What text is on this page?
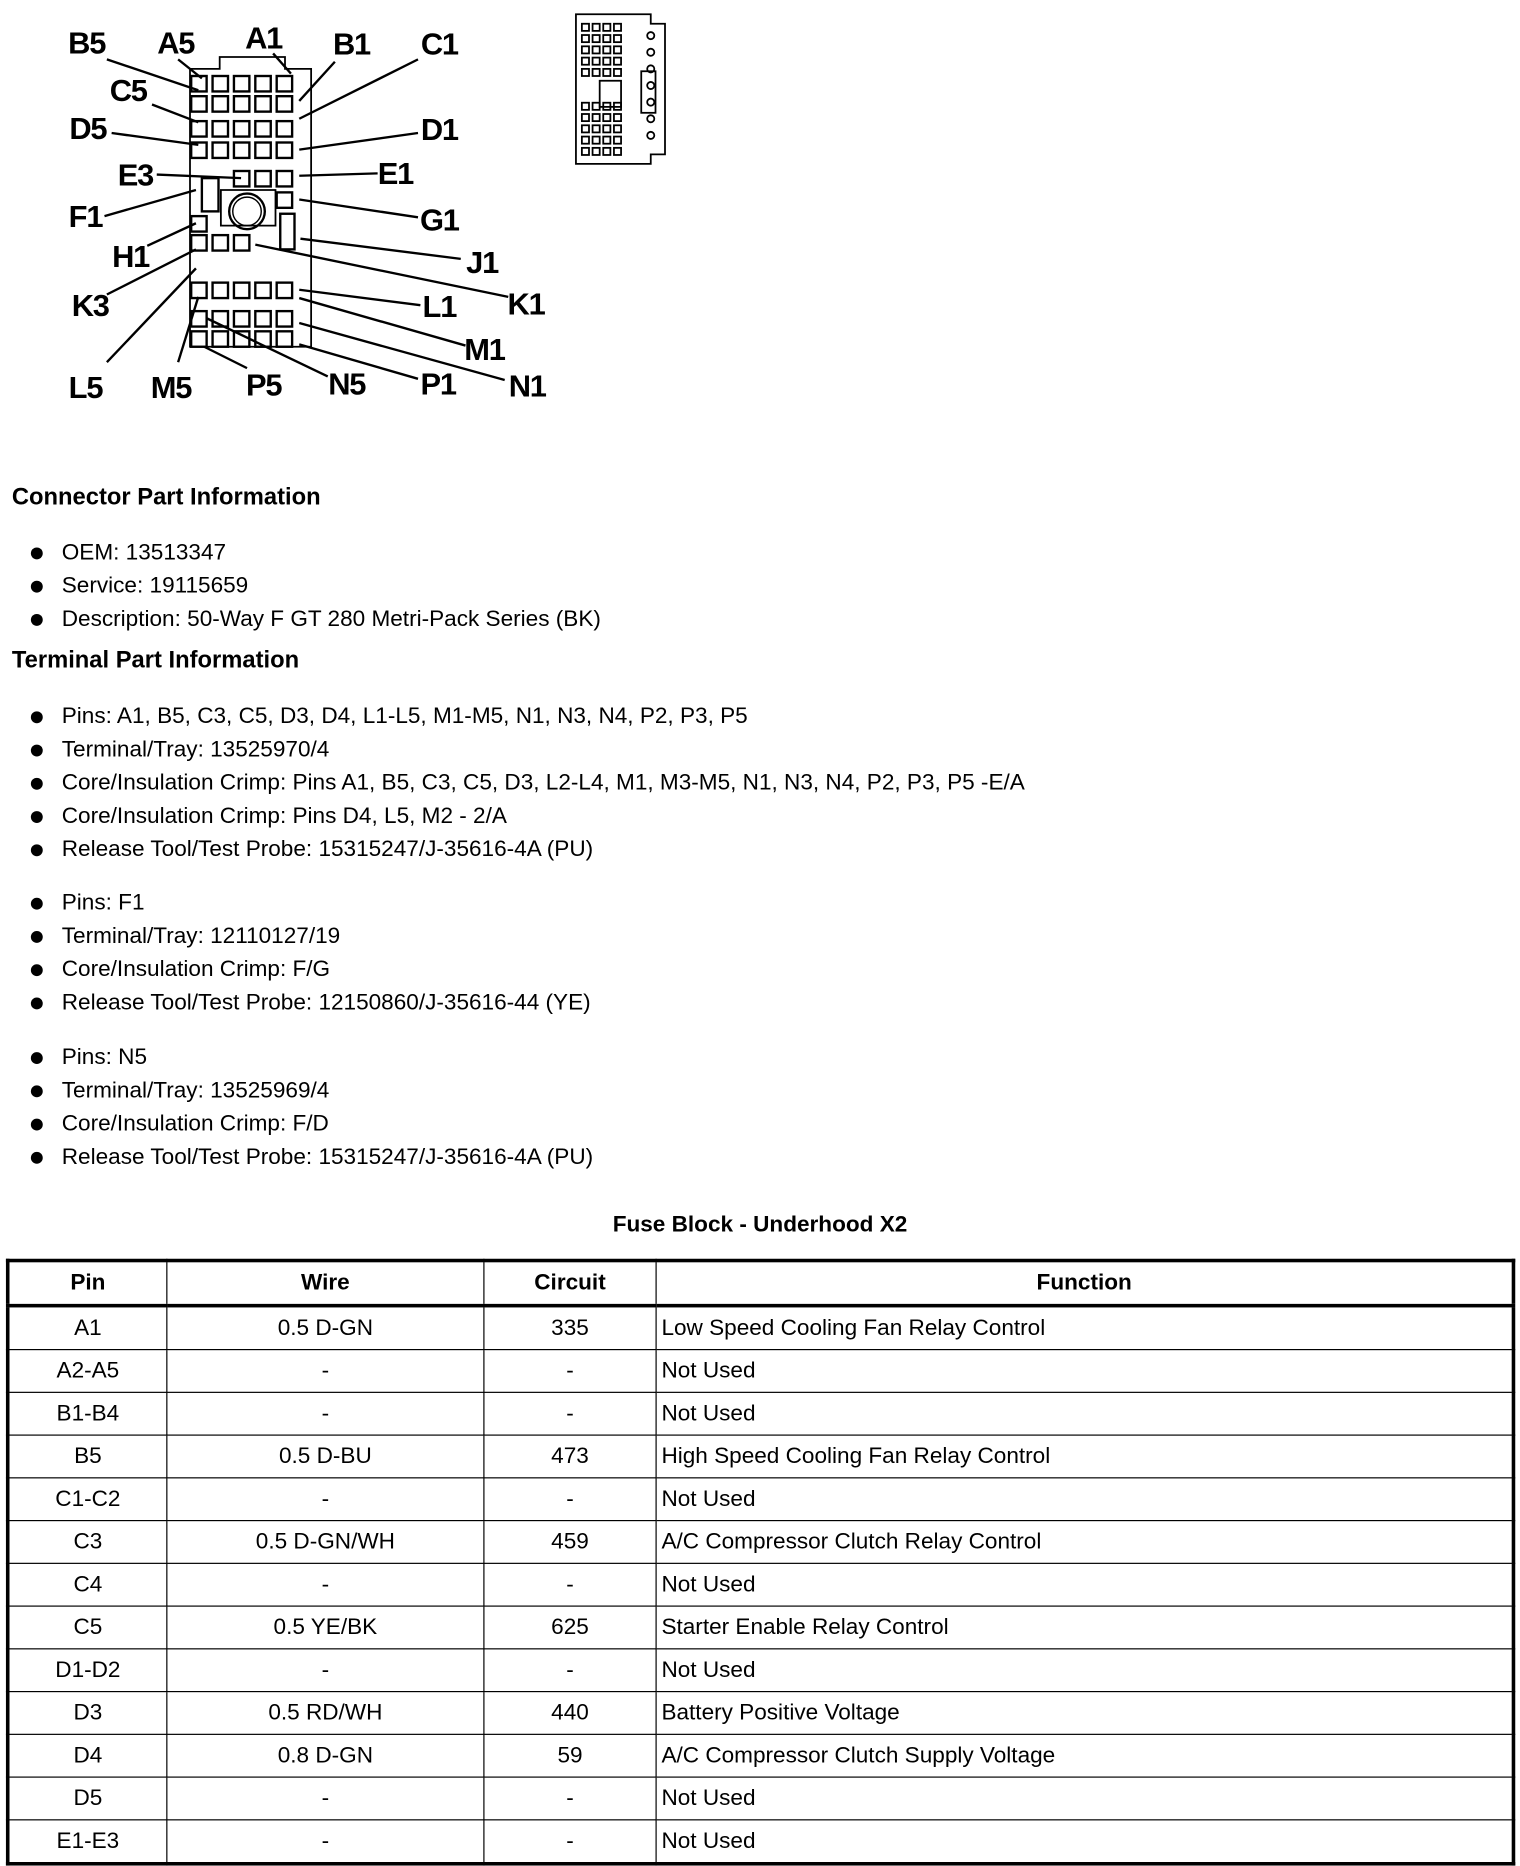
B5 A5 A1 B1 C1
C5
D5	D1
E3	E1
F1	G1
H1	J1
K3	K1
L1
M1
L5 M5 P5 N5 P1 N1
Connector Part Information
OEM: 13513347
Service: 19115659
Description: 50-Way F GT 280 Metri-Pack Series (BK)
Terminal Part Information
Pins: A1, B5, C3, C5, D3, D4, L1-L5, M1-M5, N1, N3, N4, P2, P3, P5
Terminal/Tray: 13525970/4
Core/Insulation Crimp: Pins A1, B5, C3, C5, D3, L2-L4, M1, M3-M5, N1, N3, N4, P2, P3, P5 -E/A
Core/Insulation Crimp: Pins D4, L5, M2 - 2/A
Release Tool/Test Probe: 15315247/J-35616-4A (PU)
Pins: F1
Terminal/Tray: 12110127/19
Core/Insulation Crimp: F/G
Release Tool/Test Probe: 12150860/J-35616-44 (YE)
Pins: N5
Terminal/Tray: 13525969/4
Core/Insulation Crimp: F/D
Release Tool/Test Probe: 15315247/J-35616-4A (PU)
Fuse Block - Underhood X2
Pin	Wire	Circuit	Function
A1	0.5 D-GN	335	Low Speed Cooling Fan Relay Control
A2-A5	-	-	Not Used
B1-B4	-	-	Not Used
B5	0.5 D-BU	473	High Speed Cooling Fan Relay Control
C1-C2	-	-	Not Used
C3	0.5 D-GN/WH	459	A/C Compressor Clutch Relay Control
C4	-	-	Not Used
C5	0.5 YE/BK	625	Starter Enable Relay Control
D1-D2	-	-	Not Used
D3	0.5 RD/WH	440	Battery Positive Voltage
D4	0.8 D-GN	59	A/C Compressor Clutch Supply Voltage
D5	-	-	Not Used
E1-E3	-	-	Not Used
